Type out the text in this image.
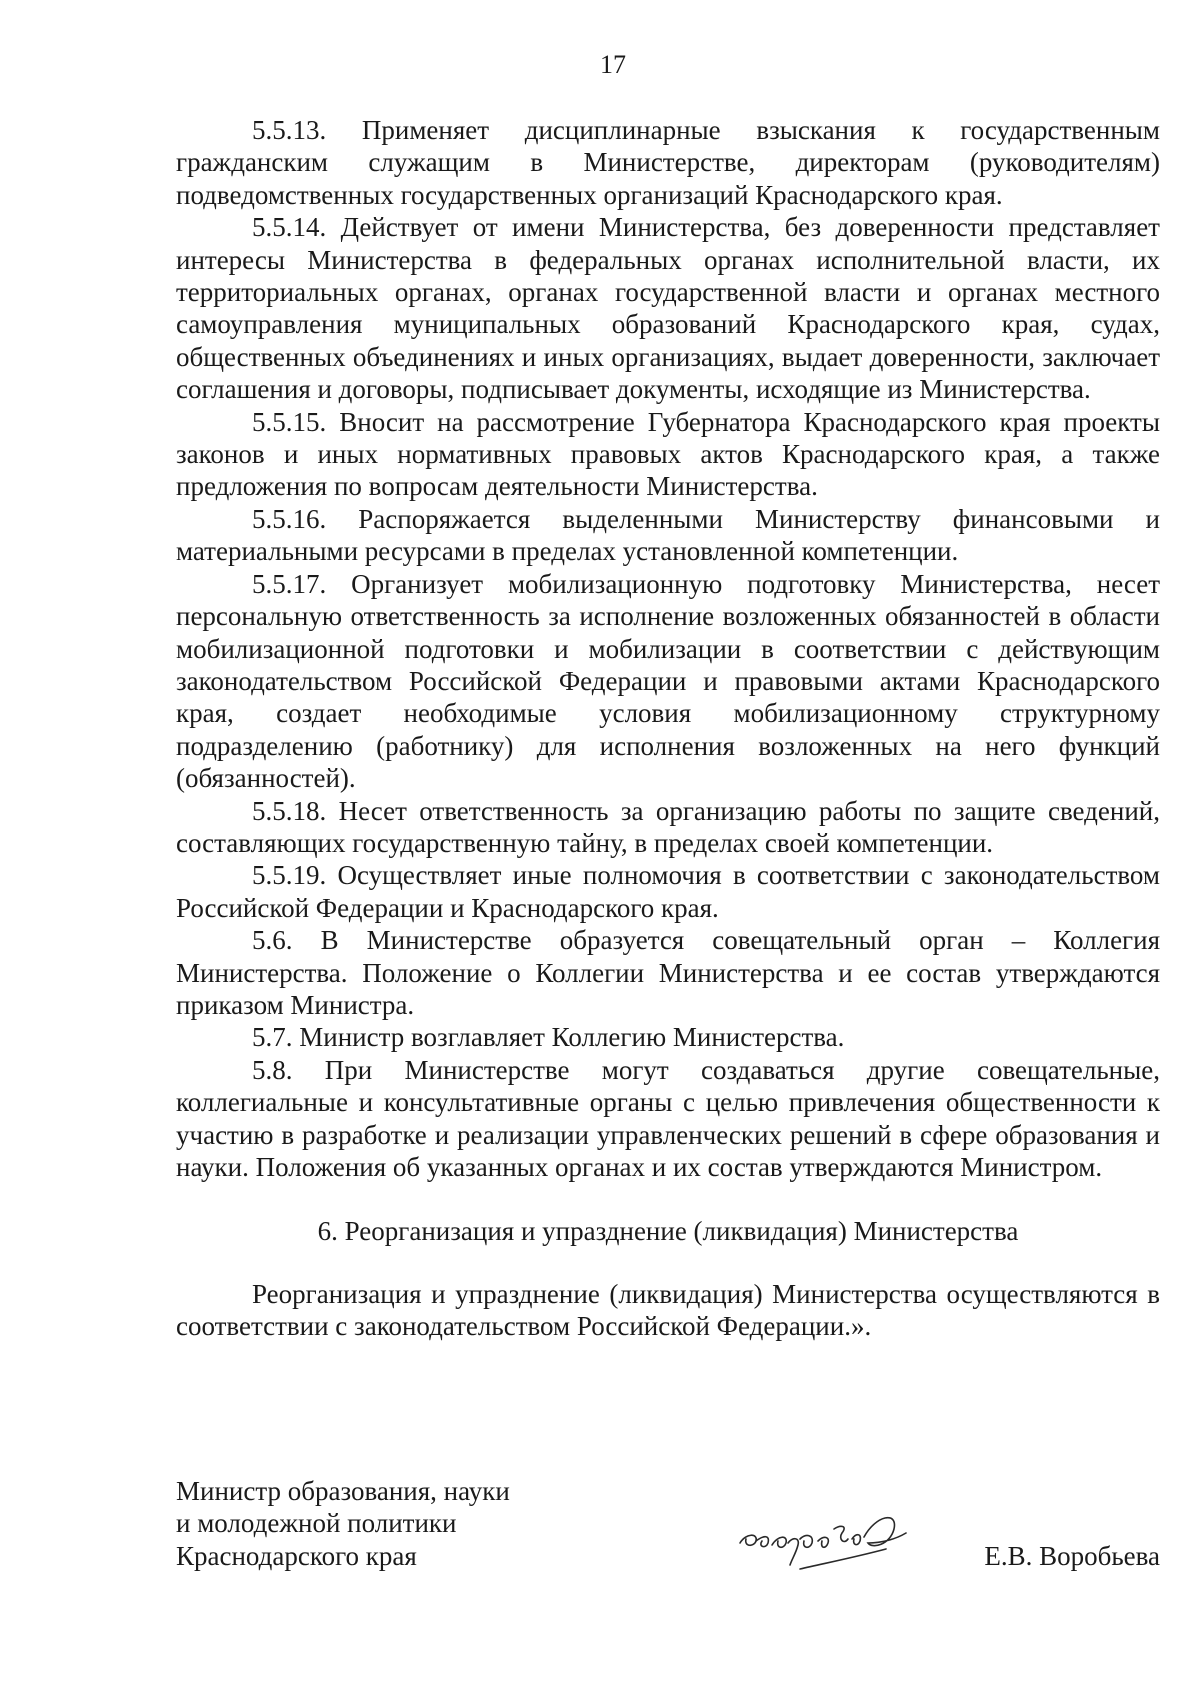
17

5.5.13. Применяет дисциплинарные взыскания к государственным гражданским служащим в Министерстве, директорам (руководителям) подведомственных государственных организаций Краснодарского края.

5.5.14. Действует от имени Министерства, без доверенности представляет интересы Министерства в федеральных органах исполнительной власти, их территориальных органах, органах государственной власти и органах местного самоуправления муниципальных образований Краснодарского края, судах, общественных объединениях и иных организациях, выдает доверенности, заключает соглашения и договоры, подписывает документы, исходящие из Министерства.

5.5.15. Вносит на рассмотрение Губернатора Краснодарского края проекты законов и иных нормативных правовых актов Краснодарского края, а также предложения по вопросам деятельности Министерства.

5.5.16. Распоряжается выделенными Министерству финансовыми и материальными ресурсами в пределах установленной компетенции.

5.5.17. Организует мобилизационную подготовку Министерства, несет персональную ответственность за исполнение возложенных обязанностей в области мобилизационной подготовки и мобилизации в соответствии с действующим законодательством Российской Федерации и правовыми актами Краснодарского края, создает необходимые условия мобилизационному структурному подразделению (работнику) для исполнения возложенных на него функций (обязанностей).

5.5.18. Несет ответственность за организацию работы по защите сведений, составляющих государственную тайну, в пределах своей компетенции.

5.5.19. Осуществляет иные полномочия в соответствии с законодательством Российской Федерации и Краснодарского края.

5.6. В Министерстве образуется совещательный орган – Коллегия Министерства. Положение о Коллегии Министерства и ее состав утверждаются приказом Министра.

5.7. Министр возглавляет Коллегию Министерства.

5.8. При Министерстве могут создаваться другие совещательные, коллегиальные и консультативные органы с целью привлечения общественности к участию в разработке и реализации управленческих решений в сфере образования и науки. Положения об указанных органах и их состав утверждаются Министром.

6. Реорганизация и упразднение (ликвидация) Министерства

Реорганизация и упразднение (ликвидация) Министерства осуществляются в соответствии с законодательством Российской Федерации.».

Министр образования, науки
и молодежной политики
Краснодарского края	Е.В. Воробьева
